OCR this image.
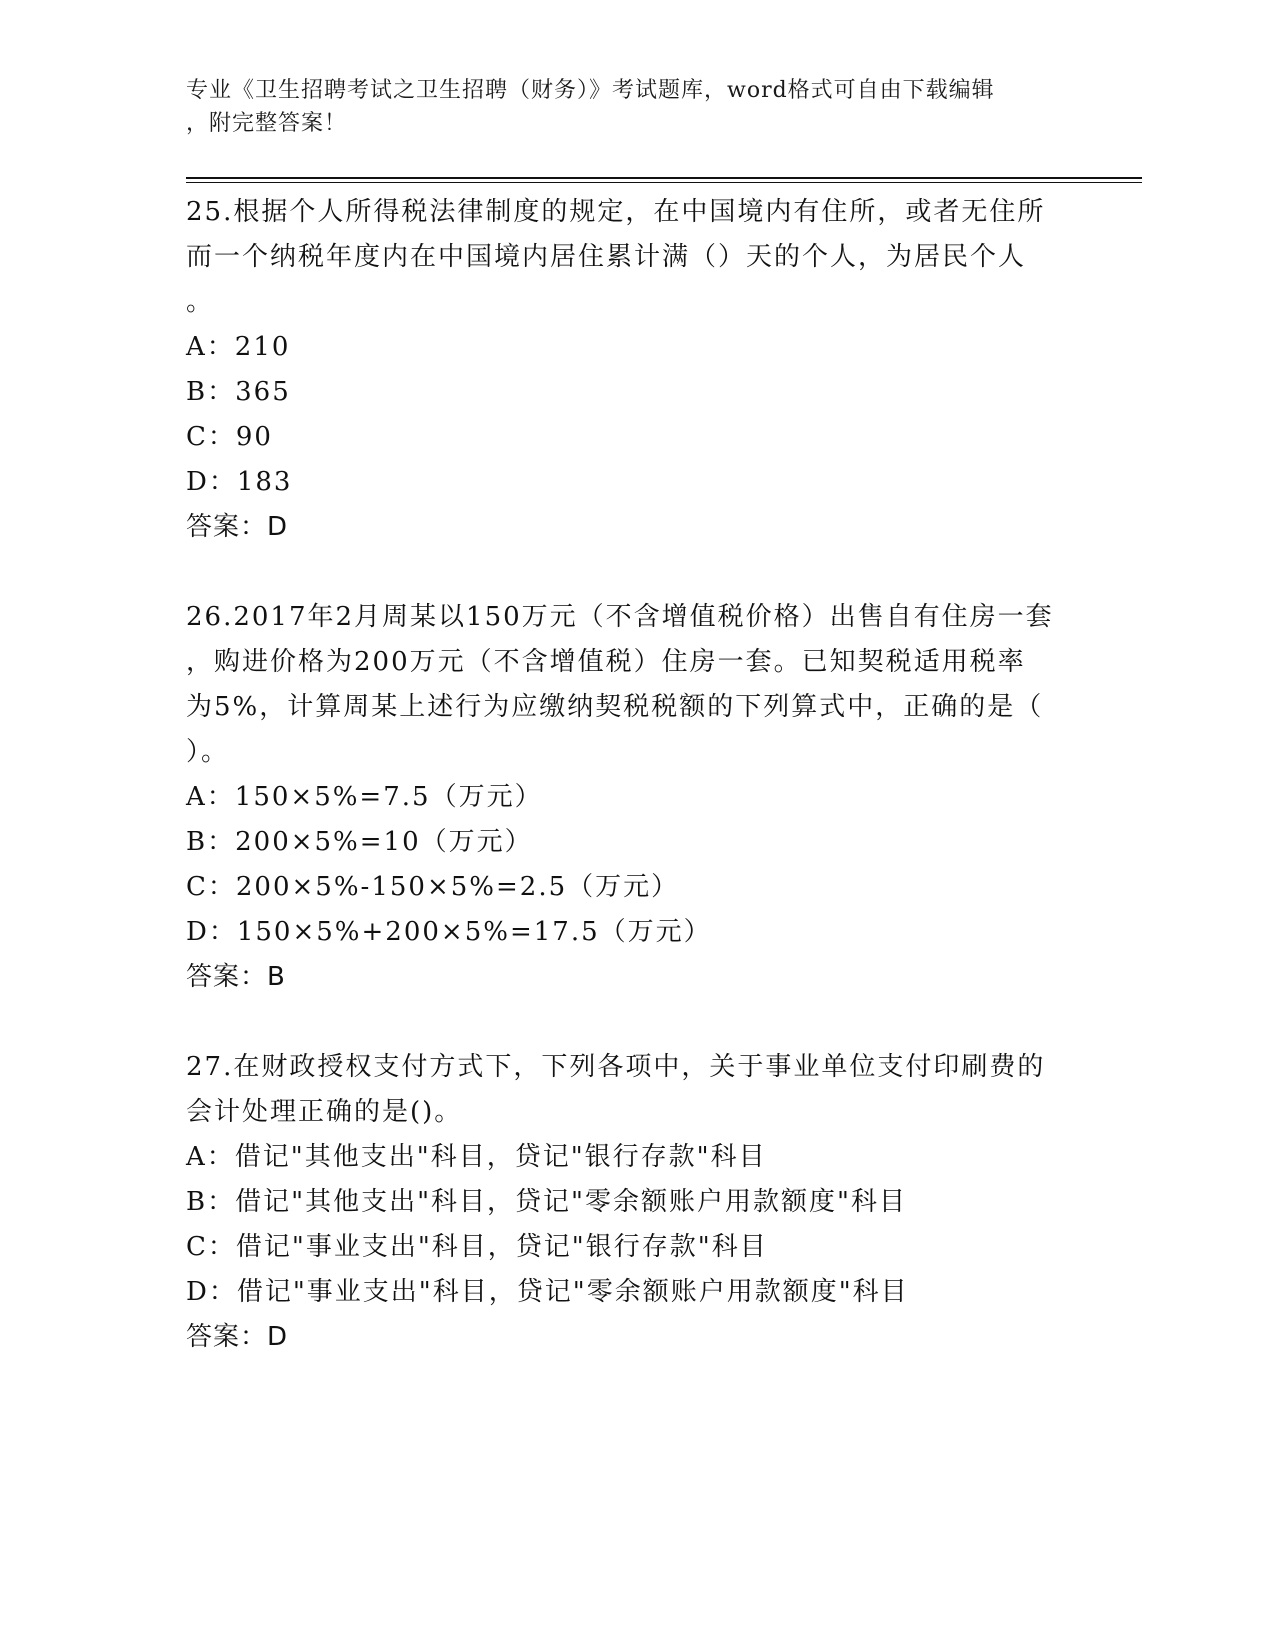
专业《卫生招聘考试之卫生招聘（财务）》考试题库，word格式可自由下载编辑
，附完整答案！
25.根据个人所得税法律制度的规定，在中国境内有住所，或者无住所
而一个纳税年度内在中国境内居住累计满（）天的个人，为居民个人
。
A：210
B：365
C：90
D：183
答案：D
26.2017年2月周某以150万元（不含增值税价格）出售自有住房一套
，购进价格为200万元（不含增值税）住房一套。已知契税适用税率
为5%，计算周某上述行为应缴纳契税税额的下列算式中，正确的是（
）。
A：150×5%=7.5（万元）
B：200×5%=10（万元）
C：200×5%-150×5%=2.5（万元）
D：150×5%+200×5%=17.5（万元）
答案：B
27.在财政授权支付方式下，下列各项中，关于事业单位支付印刷费的
会计处理正确的是()。
A：借记"其他支出"科目，贷记"银行存款"科目
B：借记"其他支出"科目，贷记"零余额账户用款额度"科目
C：借记"事业支出"科目，贷记"银行存款"科目
D：借记"事业支出"科目，贷记"零余额账户用款额度"科目
答案：D
